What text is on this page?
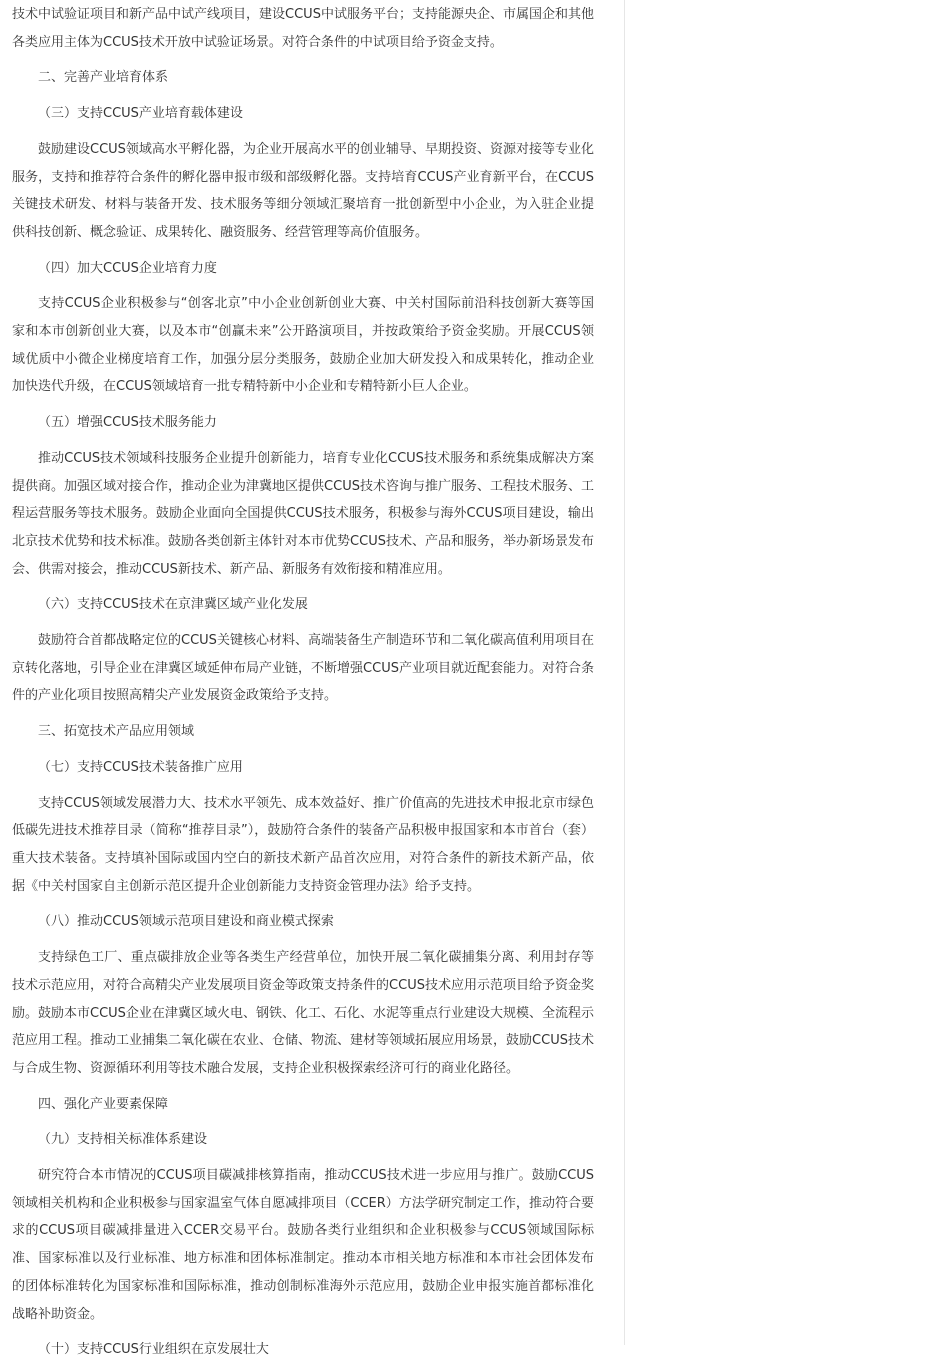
技术中试验证项目和新产品中试产线项目，建设CCUS中试服务平台；支持能源央企、市属国企和其他各类应用主体为CCUS技术开放中试验证场景。对符合条件的中试项目给予资金支持。

二、完善产业培育体系

（三）支持CCUS产业培育载体建设

鼓励建设CCUS领域高水平孵化器，为企业开展高水平的创业辅导、早期投资、资源对接等专业化服务，支持和推荐符合条件的孵化器申报市级和部级孵化器。支持培育CCUS产业育新平台，在CCUS关键技术研发、材料与装备开发、技术服务等细分领域汇聚培育一批创新型中小企业，为入驻企业提供科技创新、概念验证、成果转化、融资服务、经营管理等高价值服务。

（四）加大CCUS企业培育力度

支持CCUS企业积极参与“创客北京”中小企业创新创业大赛、中关村国际前沿科技创新大赛等国家和本市创新创业大赛，以及本市“创赢未来”公开路演项目，并按政策给予资金奖励。开展CCUS领域优质中小微企业梯度培育工作，加强分层分类服务，鼓励企业加大研发投入和成果转化，推动企业加快迭代升级，在CCUS领域培育一批专精特新中小企业和专精特新小巨人企业。

（五）增强CCUS技术服务能力

推动CCUS技术领域科技服务企业提升创新能力，培育专业化CCUS技术服务和系统集成解决方案提供商。加强区域对接合作，推动企业为津冀地区提供CCUS技术咨询与推广服务、工程技术服务、工程运营服务等技术服务。鼓励企业面向全国提供CCUS技术服务，积极参与海外CCUS项目建设，输出北京技术优势和技术标准。鼓励各类创新主体针对本市优势CCUS技术、产品和服务，举办新场景发布会、供需对接会，推动CCUS新技术、新产品、新服务有效衔接和精准应用。

（六）支持CCUS技术在京津冀区域产业化发展

鼓励符合首都战略定位的CCUS关键核心材料、高端装备生产制造环节和二氧化碳高值利用项目在京转化落地，引导企业在津冀区域延伸布局产业链，不断增强CCUS产业项目就近配套能力。对符合条件的产业化项目按照高精尖产业发展资金政策给予支持。

三、拓宽技术产品应用领域

（七）支持CCUS技术装备推广应用

支持CCUS领域发展潜力大、技术水平领先、成本效益好、推广价值高的先进技术申报北京市绿色低碳先进技术推荐目录（简称“推荐目录”），鼓励符合条件的装备产品积极申报国家和本市首台（套）重大技术装备。支持填补国际或国内空白的新技术新产品首次应用，对符合条件的新技术新产品，依据《中关村国家自主创新示范区提升企业创新能力支持资金管理办法》给予支持。

（八）推动CCUS领域示范项目建设和商业模式探索

支持绿色工厂、重点碳排放企业等各类生产经营单位，加快开展二氧化碳捕集分离、利用封存等技术示范应用，对符合高精尖产业发展项目资金等政策支持条件的CCUS技术应用示范项目给予资金奖励。鼓励本市CCUS企业在津冀区域火电、钢铁、化工、石化、水泥等重点行业建设大规模、全流程示范应用工程。推动工业捕集二氧化碳在农业、仓储、物流、建材等领域拓展应用场景，鼓励CCUS技术与合成生物、资源循环利用等技术融合发展，支持企业积极探索经济可行的商业化路径。

四、强化产业要素保障

（九）支持相关标准体系建设

研究符合本市情况的CCUS项目碳减排核算指南，推动CCUS技术进一步应用与推广。鼓励CCUS领域相关机构和企业积极参与国家温室气体自愿减排项目（CCER）方法学研究制定工作，推动符合要求的CCUS项目碳减排量进入CCER交易平台。鼓励各类行业组织和企业积极参与CCUS领域国际标准、国家标准以及行业标准、地方标准和团体标准制定。推动本市相关地方标准和本市社会团体发布的团体标准转化为国家标准和国际标准，推动创制标准海外示范应用，鼓励企业申报实施首都标准化战略补助资金。

（十）支持CCUS行业组织在京发展壮大
